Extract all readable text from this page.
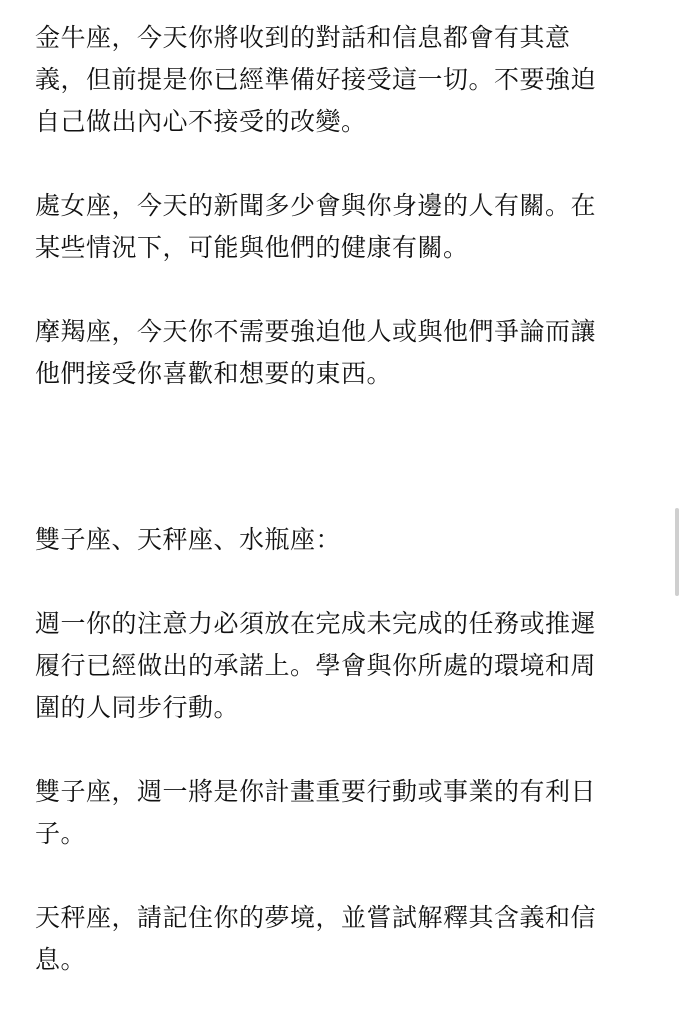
金牛座，今天你將收到的對話和信息都會有其意
義，但前提是你已經準備好接受這一切。不要強迫
自己做出內心不接受的改變。

處女座，今天的新聞多少會與你身邊的人有關。在
某些情況下，可能與他們的健康有關。

摩羯座，今天你不需要強迫他人或與他們爭論而讓
他們接受你喜歡和想要的東西。

雙子座、天秤座、水瓶座：

週一你的注意力必須放在完成未完成的任務或推遲
履行已經做出的承諾上。學會與你所處的環境和周
圍的人同步行動。

雙子座，週一將是你計畫重要行動或事業的有利日
子。

天秤座，請記住你的夢境，並嘗試解釋其含義和信
息。
